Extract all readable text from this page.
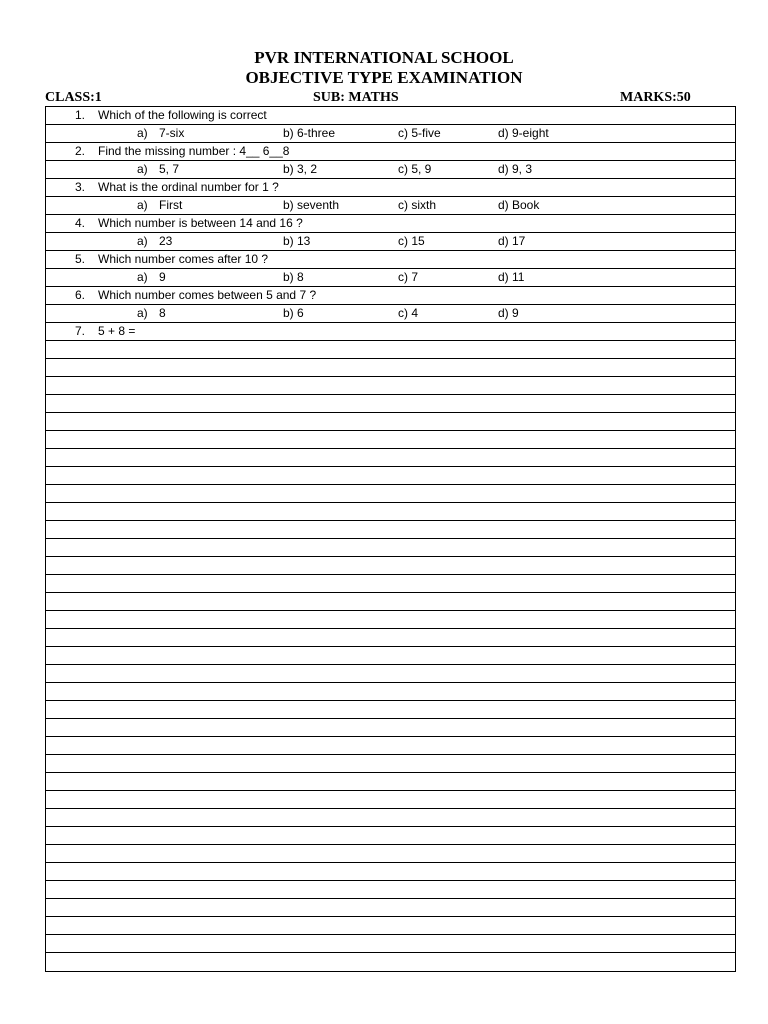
PVR INTERNATIONAL SCHOOL
OBJECTIVE TYPE EXAMINATION
CLASS:1	SUB: MATHS	MARKS:50
1. Which of the following is correct
a) 7-six	b) 6-three	c) 5-five	d) 9-eight
2. Find the missing number : 4__ 6__8
a) 5, 7	b) 3, 2	c) 5, 9	d) 9, 3
3. What is the ordinal number for 1 ?
a) First	b) seventh	c) sixth	d) Book
4. Which number is between 14 and 16 ?
a) 23	b) 13	c) 15	d) 17
5. Which number comes after 10 ?
a) 9	b) 8	c) 7	d) 11
6. Which number comes between 5 and 7 ?
a) 8	b) 6	c) 4	d) 9
7. 5 + 8 =
